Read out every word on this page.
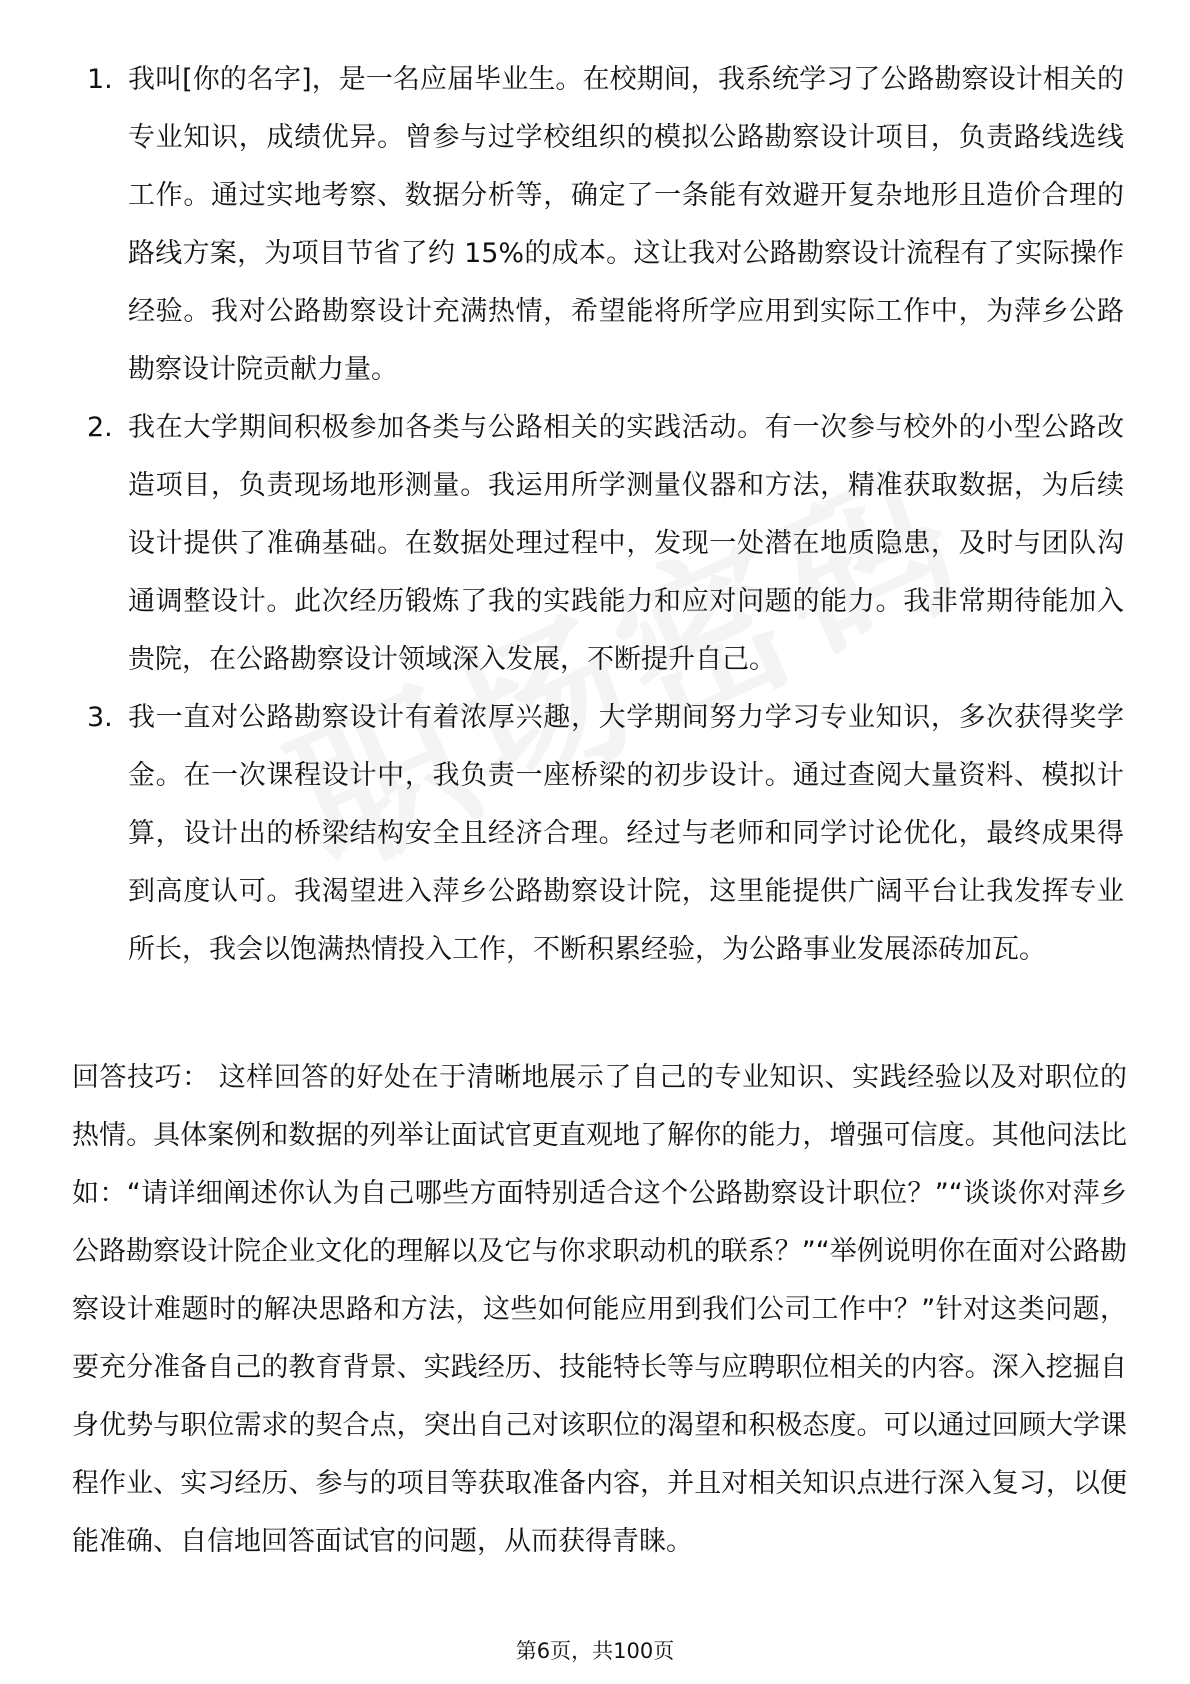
1. 我叫[你的名字]，是一名应届毕业生。在校期间，我系统学习了公路勘察设计相关的专业知识，成绩优异。曾参与过学校组织的模拟公路勘察设计项目，负责路线选线工作。通过实地考察、数据分析等，确定了一条能有效避开复杂地形且造价合理的路线方案，为项目节省了约 15%的成本。这让我对公路勘察设计流程有了实际操作经验。我对公路勘察设计充满热情，希望能将所学应用到实际工作中，为萍乡公路勘察设计院贡献力量。
2. 我在大学期间积极参加各类与公路相关的实践活动。有一次参与校外的小型公路改造项目，负责现场地形测量。我运用所学测量仪器和方法，精准获取数据，为后续设计提供了准确基础。在数据处理过程中，发现一处潜在地质隐患，及时与团队沟通调整设计。此次经历锻炼了我的实践能力和应对问题的能力。我非常期待能加入贵院，在公路勘察设计领域深入发展，不断提升自己。
3. 我一直对公路勘察设计有着浓厚兴趣，大学期间努力学习专业知识，多次获得奖学金。在一次课程设计中，我负责一座桥梁的初步设计。通过查阅大量资料、模拟计算，设计出的桥梁结构安全且经济合理。经过与老师和同学讨论优化，最终成果得到高度认可。我渴望进入萍乡公路勘察设计院，这里能提供广阔平台让我发挥专业所长，我会以饱满热情投入工作，不断积累经验，为公路事业发展添砖加瓦。
回答技巧： 这样回答的好处在于清晰地展示了自己的专业知识、实践经验以及对职位的热情。具体案例和数据的列举让面试官更直观地了解你的能力，增强可信度。其他问法比如：“请详细阐述你认为自己哪些方面特别适合这个公路勘察设计职位？”“谈谈你对萍乡公路勘察设计院企业文化的理解以及它与你求职动机的联系？”“举例说明你在面对公路勘察设计难题时的解决思路和方法，这些如何能应用到我们公司工作中？”针对这类问题，要充分准备自己的教育背景、实践经历、技能特长等与应聘职位相关的内容。深入挖掘自身优势与职位需求的契合点，突出自己对该职位的渴望和积极态度。可以通过回顾大学课程作业、实习经历、参与的项目等获取准备内容，并且对相关知识点进行深入复习，以便能准确、自信地回答面试官的问题，从而获得青睐。
第6页，共100页
